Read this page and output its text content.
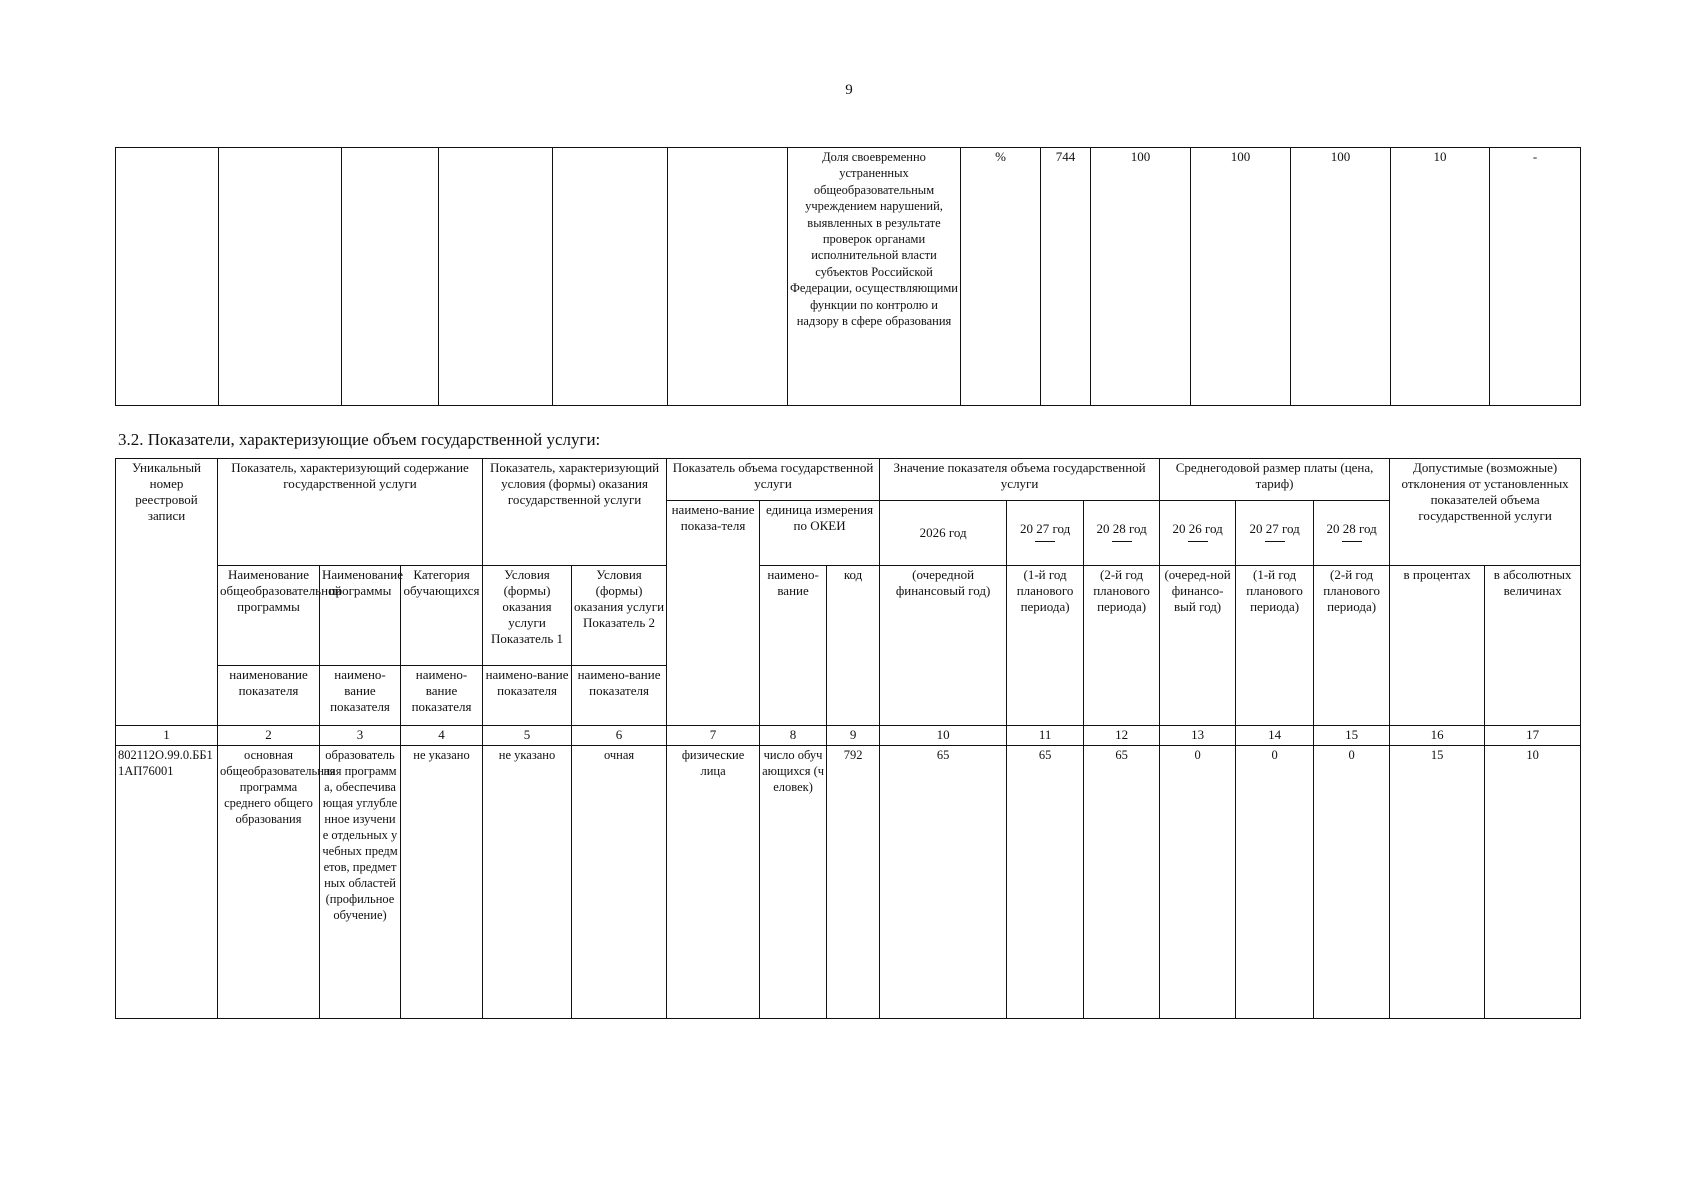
9
						Доля своевременно устраненных общеобразовательным учреждением нарушений, выявленных в результате проверок органами исполнительной власти субъектов Российской Федерации, осуществляющими функции по контролю и надзору в сфере образования	%	744	100	100	100	10	-
3.2. Показатели, характеризующие объем государственной услуги:
Уникальный номер реестровой записи	Показатель, характеризующий содержание государственной услуги			Показатель, характеризующий условия (формы) оказания государственной услуги		Показатель объема государственной услуги			Значение показателя объема государственной услуги			Среднегодовой размер платы (цена, тариф)			Допустимые (возможные) отклонения от установленных показателей объема государственной услуги	
						наимено-вание показа-теля	единица измерения по ОКЕИ		2026 год	20 27 год	20 28 год	20 26 год	20 27 год	20 28 год		

	Наименование общеобразовательной программы	Наименование программы	Категория обучающихся	Условия (формы) оказания услуги Показатель 1	Условия (формы) оказания услуги Показатель 2		наимено-вание	код	(очередной финансовый год)	(1-й год планового периода)	(2-й год планового периода)	(очеред-ной финансо-вый год)	(1-й год планового периода)	(2-й год планового периода)	в процентах	в абсолютных величинах
	наименование показателя	наимено-вание показателя	наимено-вание показателя	наимено-вание показателя	наимено-вание показателя											
1	2	3	4	5	6	7	8	9	10	11	12	13	14	15	16	17
802112О.99.0.ББ11АП76001	основная общеобразовательная программа среднего общего образования	образовательная программа, обеспечивающая углубленное изучение отдельных учебных предметов, предметных областей (профильное обучение)	не указано	не указано	очная	физические лица	число обучающихся (человек)	792	65	65	65	0	0	0	15	10
